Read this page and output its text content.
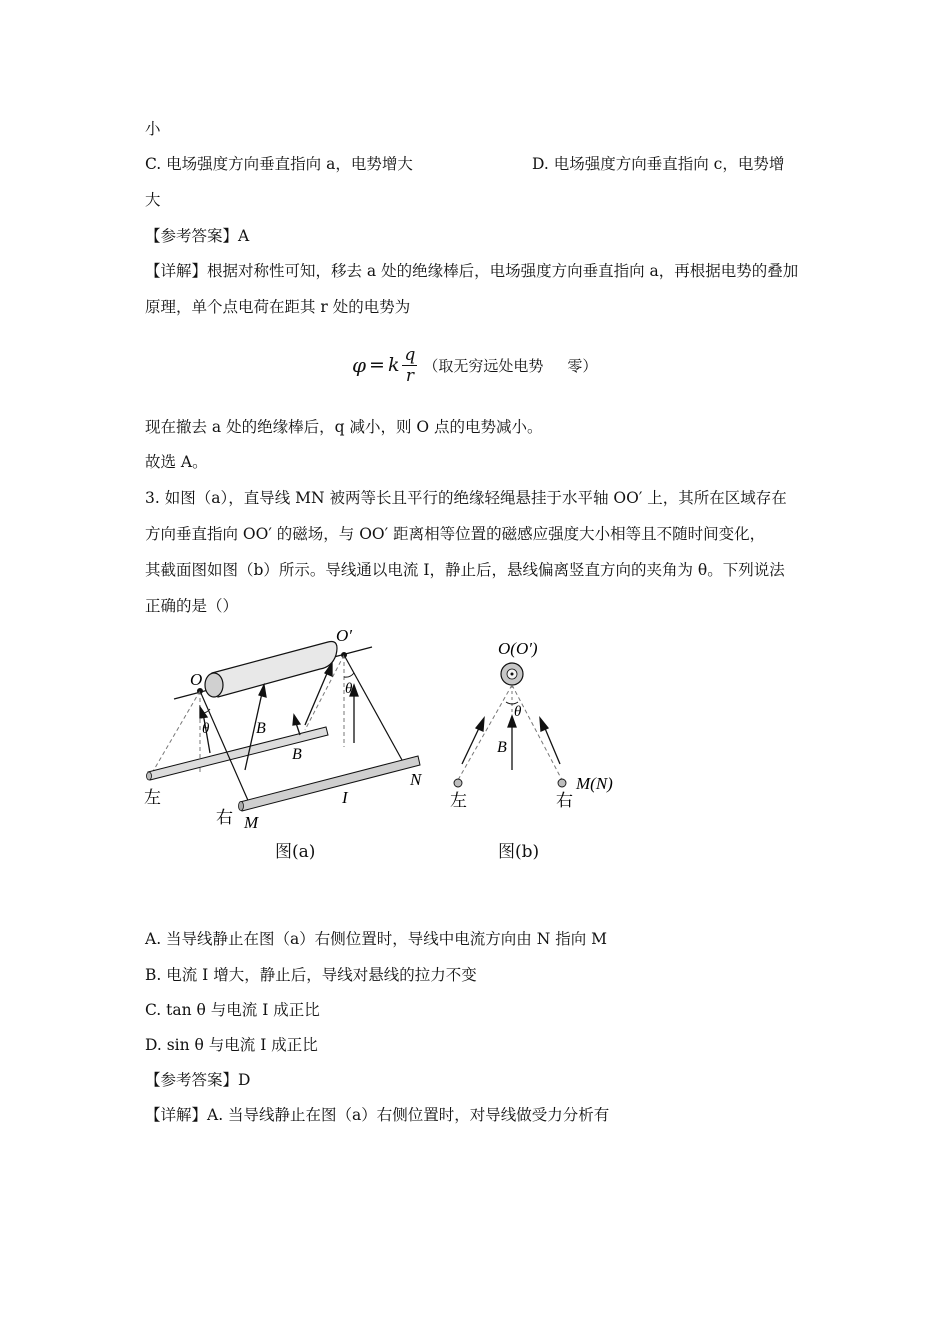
小
C. 电场强度方向垂直指向 a，电势增大	D. 电场强度方向垂直指向 c，电势增
大
【参考答案】A
【详解】根据对称性可知，移去 a 处的绝缘棒后，电场强度方向垂直指向 a，再根据电势的叠加
原理，单个点电荷在距其 r 处的电势为
φ = k $\frac{q}{r}$ （取无穷远处电势 零）
现在撤去 a 处的绝缘棒后，q 减小，则 O 点的电势减小。
故选 A。
3. 如图（a），直导线 MN 被两等长且平行的绝缘轻绳悬挂于水平轴 OO′ 上，其所在区域存在
方向垂直指向 OO′ 的磁场，与 OO′ 距离相等位置的磁感应强度大小相等且不随时间变化，
其截面图如图（b）所示。导线通以电流 I，静止后，悬线偏离竖直方向的夹角为 θ。下列说法
正确的是（）
O
O′
θ
θ
B
B
左
右 M
N
I
图(a)
O(O′)
θ
B
左	右
M(N)
图(b)
A. 当导线静止在图（a）右侧位置时，导线中电流方向由 N 指向 M
B. 电流 I 增大，静止后，导线对悬线的拉力不变
C. tan θ 与电流 I 成正比
D. sin θ 与电流 I 成正比
【参考答案】D
【详解】A. 当导线静止在图（a）右侧位置时，对导线做受力分析有
